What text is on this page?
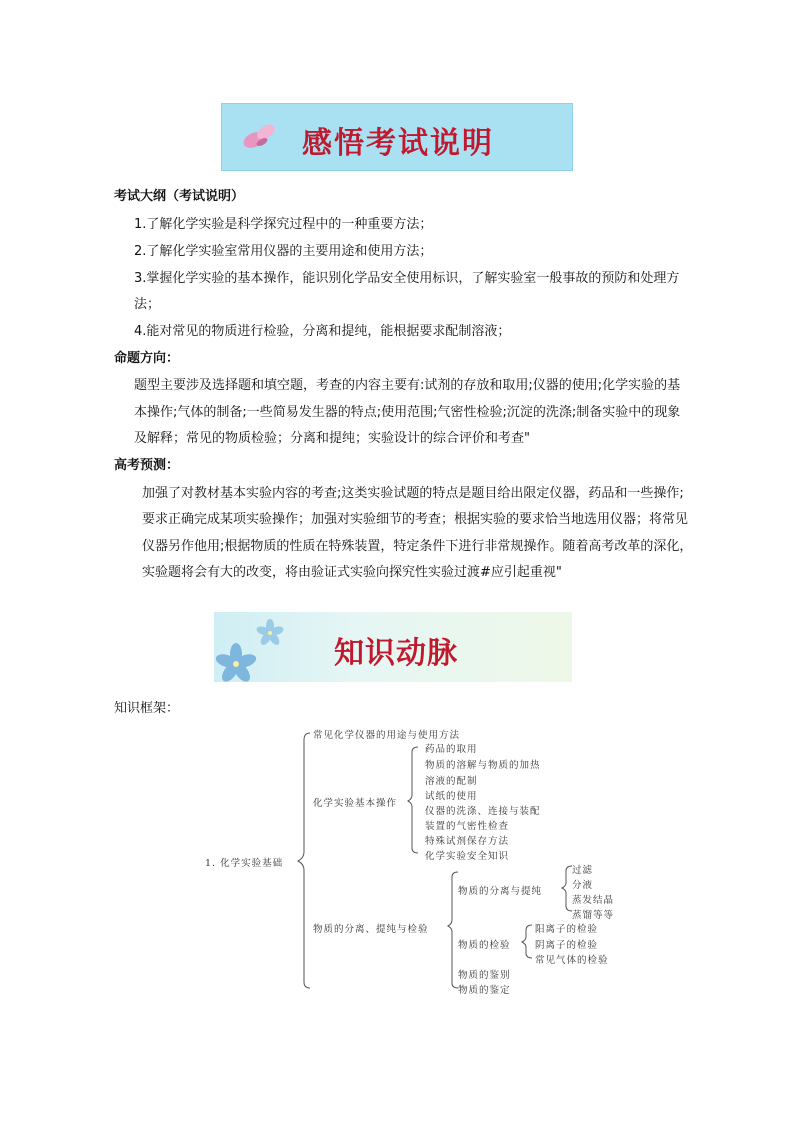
感悟考试说明
考试大纲（考试说明）
1.了解化学实验是科学探究过程中的一种重要方法；
2.了解化学实验室常用仪器的主要用途和使用方法；
3.掌握化学实验的基本操作，能识别化学品安全使用标识，了解实验室一般事故的预防和处理方
法；
4.能对常见的物质进行检验，分离和提纯，能根据要求配制溶液；
命题方向：
题型主要涉及选择题和填空题，考查的内容主要有:试剂的存放和取用;仪器的使用;化学实验的基
本操作;气体的制备;一些简易发生器的特点;使用范围;气密性检验;沉淀的洗涤;制备实验中的现象
及解释；常见的物质检验；分离和提纯；实验设计的综合评价和考查"
高考预测：
加强了对教材基本实验内容的考查;这类实验试题的特点是题目给出限定仪器，药品和一些操作;
要求正确完成某项实验操作；加强对实验细节的考查；根据实验的要求恰当地选用仪器；将常见
仪器另作他用;根据物质的性质在特殊装置，特定条件下进行非常规操作。随着高考改革的深化，
实验题将会有大的改变，将由验证式实验向探究性实验过渡#应引起重视"
知识动脉
知识框架：
1. 化学实验基础
常见化学仪器的用途与使用方法
化学实验基本操作
药品的取用
物质的溶解与物质的加热
溶液的配制
试纸的使用
仪器的洗涤、连接与装配
装置的气密性检查
特殊试剂保存方法
化学实验安全知识
物质的分离、提纯与检验
物质的分离与提纯
过滤
分液
蒸发结晶
蒸馏等等
物质的检验
阳离子的检验
阴离子的检验
常见气体的检验
物质的鉴别
物质的鉴定
